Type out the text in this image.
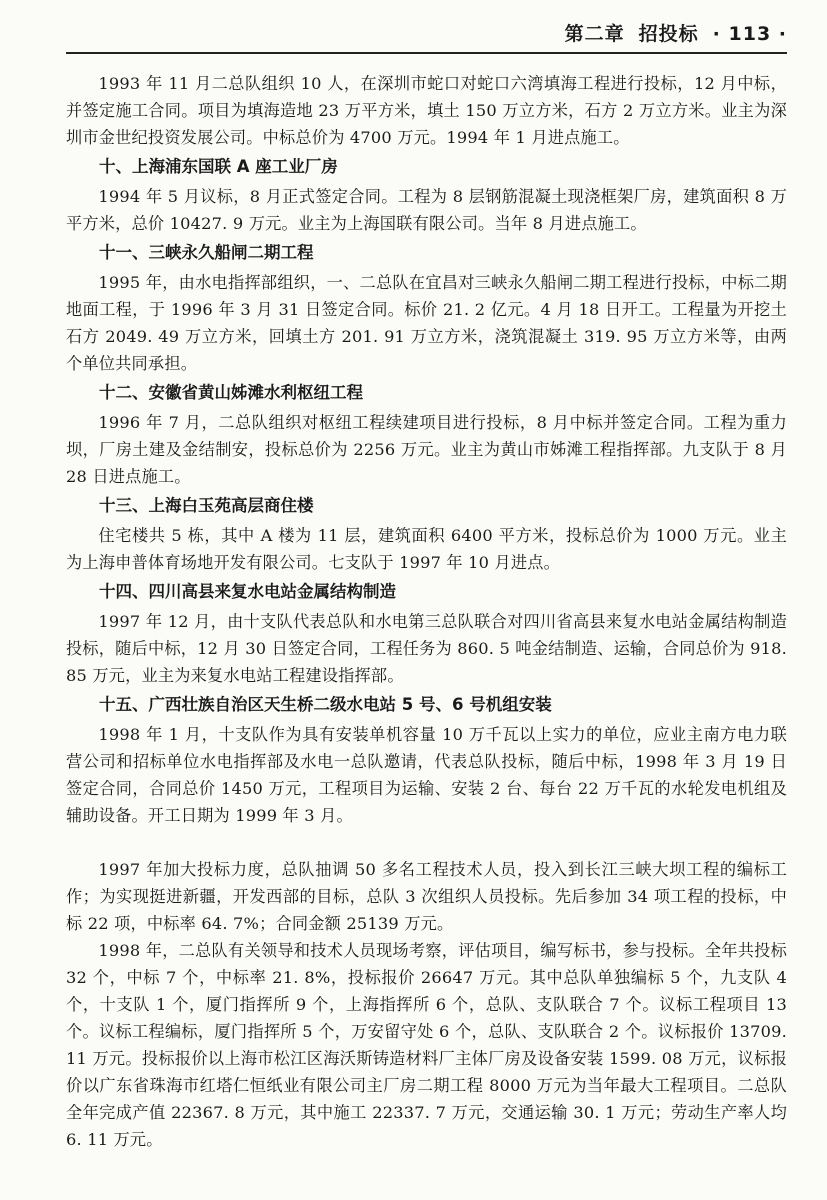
第二章 招投标 · 113 ·

1993 年 11 月二总队组织 10 人，在深圳市蛇口对蛇口六湾填海工程进行投标，12 月中标，并签定施工合同。项目为填海造地 23 万平方米，填土 150 万立方米，石方 2 万立方米。业主为深圳市金世纪投资发展公司。中标总价为 4700 万元。1994 年 1 月进点施工。

十、上海浦东国联 A 座工业厂房

1994 年 5 月议标，8 月正式签定合同。工程为 8 层钢筋混凝土现浇框架厂房，建筑面积 8 万平方米，总价 10427. 9 万元。业主为上海国联有限公司。当年 8 月进点施工。

十一、三峡永久船闸二期工程

1995 年，由水电指挥部组织，一、二总队在宜昌对三峡永久船闸二期工程进行投标，中标二期地面工程，于 1996 年 3 月 31 日签定合同。标价 21. 2 亿元。4 月 18 日开工。工程量为开挖土石方 2049. 49 万立方米，回填土方 201. 91 万立方米，浇筑混凝土 319. 95 万立方米等，由两个单位共同承担。

十二、安徽省黄山姊滩水利枢纽工程

1996 年 7 月，二总队组织对枢纽工程续建项目进行投标，8 月中标并签定合同。工程为重力坝，厂房土建及金结制安，投标总价为 2256 万元。业主为黄山市姊滩工程指挥部。九支队于 8 月 28 日进点施工。

十三、上海白玉苑高层商住楼

住宅楼共 5 栋，其中 A 楼为 11 层，建筑面积 6400 平方米，投标总价为 1000 万元。业主为上海申普体育场地开发有限公司。七支队于 1997 年 10 月进点。

十四、四川高县来复水电站金属结构制造

1997 年 12 月，由十支队代表总队和水电第三总队联合对四川省高县来复水电站金属结构制造投标，随后中标，12 月 30 日签定合同，工程任务为 860. 5 吨金结制造、运输，合同总价为 918. 85 万元，业主为来复水电站工程建设指挥部。

十五、广西壮族自治区天生桥二级水电站 5 号、6 号机组安装

1998 年 1 月，十支队作为具有安装单机容量 10 万千瓦以上实力的单位，应业主南方电力联营公司和招标单位水电指挥部及水电一总队邀请，代表总队投标，随后中标，1998 年 3 月 19 日签定合同，合同总价 1450 万元，工程项目为运输、安装 2 台、每台 22 万千瓦的水轮发电机组及辅助设备。开工日期为 1999 年 3 月。

1997 年加大投标力度，总队抽调 50 多名工程技术人员，投入到长江三峡大坝工程的编标工作；为实现挺进新疆，开发西部的目标，总队 3 次组织人员投标。先后参加 34 项工程的投标，中标 22 项，中标率 64. 7%；合同金额 25139 万元。

1998 年，二总队有关领导和技术人员现场考察，评估项目，编写标书，参与投标。全年共投标 32 个，中标 7 个，中标率 21. 8%，投标报价 26647 万元。其中总队单独编标 5 个，九支队 4 个，十支队 1 个，厦门指挥所 9 个，上海指挥所 6 个，总队、支队联合 7 个。议标工程项目 13 个。议标工程编标，厦门指挥所 5 个，万安留守处 6 个，总队、支队联合 2 个。议标报价 13709. 11 万元。投标报价以上海市松江区海沃斯铸造材料厂主体厂房及设备安装 1599. 08 万元，议标报价以广东省珠海市红塔仁恒纸业有限公司主厂房二期工程 8000 万元为当年最大工程项目。二总队全年完成产值 22367. 8 万元，其中施工 22337. 7 万元，交通运输 30. 1 万元；劳动生产率人均 6. 11 万元。
